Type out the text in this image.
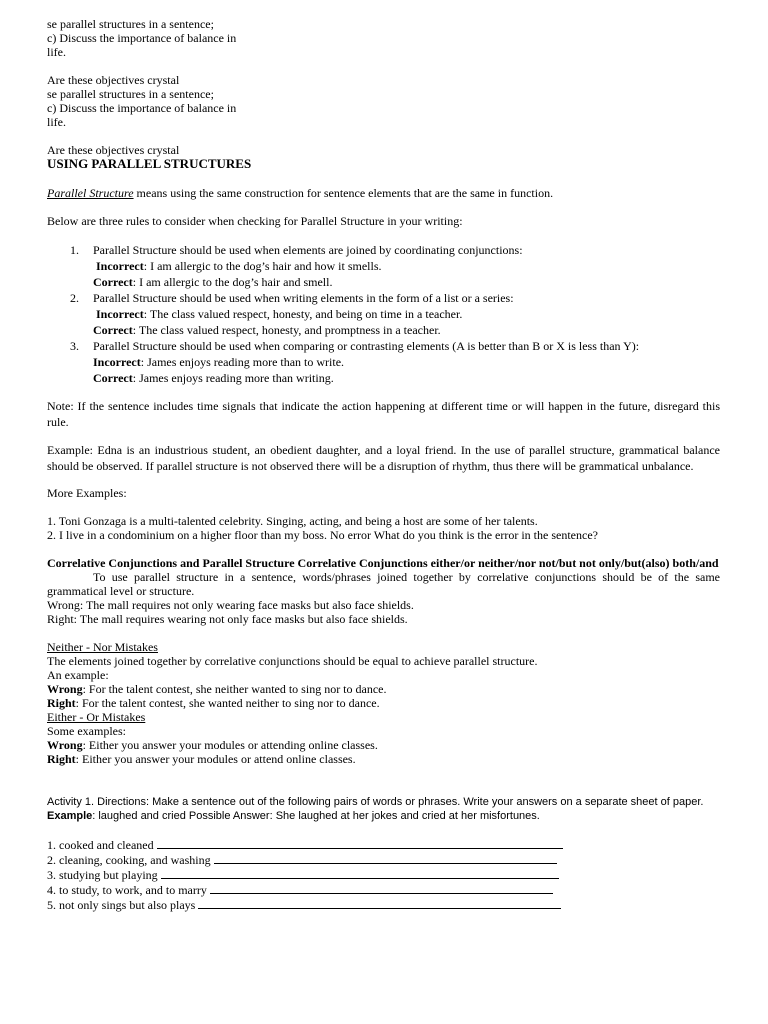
se parallel structures in a sentence;

c) Discuss the importance of balance in

life.

Are these objectives crystal

se parallel structures in a sentence;

c) Discuss the importance of balance in

life.

Are these objectives crystal

USING PARALLEL STRUCTURES

Parallel Structure means using the same construction for sentence elements that are the same in function.

Below are three rules to consider when checking for Parallel Structure in your writing:

1. Parallel Structure should be used when elements are joined by coordinating conjunctions:
Incorrect: I am allergic to the dog’s hair and how it smells.
Correct: I am allergic to the dog’s hair and smell.
2. Parallel Structure should be used when writing elements in the form of a list or a series:
Incorrect: The class valued respect, honesty, and being on time in a teacher.
Correct: The class valued respect, honesty, and promptness in a teacher.
3. Parallel Structure should be used when comparing or contrasting elements (A is better than B or X is less than Y):
Incorrect: James enjoys reading more than to write.
Correct: James enjoys reading more than writing.

Note: If the sentence includes time signals that indicate the action happening at different time or will happen in the future, disregard this rule.

Example: Edna is an industrious student, an obedient daughter, and a loyal friend. In the use of parallel structure, grammatical balance should be observed. If parallel structure is not observed there will be a disruption of rhythm, thus there will be grammatical unbalance.

More Examples:

1. Toni Gonzaga is a multi-talented celebrity. Singing, acting, and being a host are some of her talents.

2. I live in a condominium on a higher floor than my boss. No error What do you think is the error in the sentence?

Correlative Conjunctions and Parallel Structure Correlative Conjunctions either/or neither/nor not/but not only/but(also) both/and

To use parallel structure in a sentence, words/phrases joined together by correlative conjunctions should be of the same grammatical level or structure.

Wrong: The mall requires not only wearing face masks but also face shields.

Right: The mall requires wearing not only face masks but also face shields.

Neither - Nor Mistakes

The elements joined together by correlative conjunctions should be equal to achieve parallel structure.

An example:

Wrong: For the talent contest, she neither wanted to sing nor to dance.

Right: For the talent contest, she wanted neither to sing nor to dance.

Either - Or Mistakes

Some examples:

Wrong: Either you answer your modules or attending online classes.

Right: Either you answer your modules or attend online classes.

Activity 1. Directions: Make a sentence out of the following pairs of words or phrases. Write your answers on a separate sheet of paper.

Example: laughed and cried Possible Answer: She laughed at her jokes and cried at her misfortunes.

1. cooked and cleaned

2. cleaning, cooking, and washing

3. studying but playing

4. to study, to work, and to marry

5. not only sings but also plays
